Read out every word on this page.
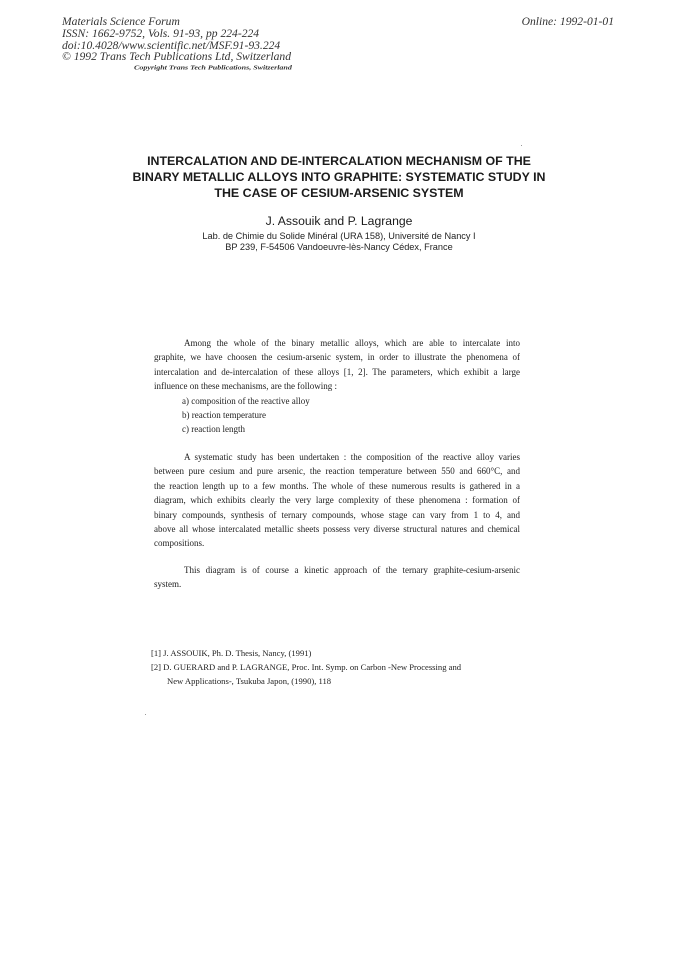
Materials Science Forum
ISSN: 1662-9752, Vols. 91-93, pp 224-224
doi:10.4028/www.scientific.net/MSF.91-93.224
© 1992 Trans Tech Publications Ltd, Switzerland
Online: 1992-01-01
Copyright Trans Tech Publications, Switzerland
INTERCALATION AND DE-INTERCALATION MECHANISM OF THE
BINARY METALLIC ALLOYS INTO GRAPHITE: SYSTEMATIC STUDY IN
THE CASE OF CESIUM-ARSENIC SYSTEM
J. Assouik and P. Lagrange
Lab. de Chimie du Solide Minéral (URA 158), Université de Nancy I
BP 239, F-54506 Vandoeuvre-lès-Nancy Cédex, France
Among the whole of the binary metallic alloys, which are able to intercalate into
graphite, we have choosen the cesium-arsenic system, in order to illustrate the phenomena of
intercalation and de-intercalation of these alloys [1, 2]. The parameters, which exhibit a large
influence on these mechanisms, are the following :
a) composition of the reactive alloy
b) reaction temperature
c) reaction length
A systematic study has been undertaken : the composition of the reactive alloy varies
between pure cesium and pure arsenic, the reaction temperature between 550 and 660°C, and
the reaction length up to a few months. The whole of these numerous results is gathered in a
diagram, which exhibits clearly the very large complexity of these phenomena : formation of
binary compounds, synthesis of ternary compounds, whose stage can vary from 1 to 4, and
above all whose intercalated metallic sheets possess very diverse structural natures and chemical
compositions.
This diagram is of course a kinetic approach of the ternary graphite-cesium-arsenic
system.
[1] J. ASSOUIK, Ph. D. Thesis, Nancy, (1991)
[2] D. GUERARD and P. LAGRANGE, Proc. Int. Symp. on Carbon -New Processing and
New Applications-, Tsukuba Japon, (1990), 118
